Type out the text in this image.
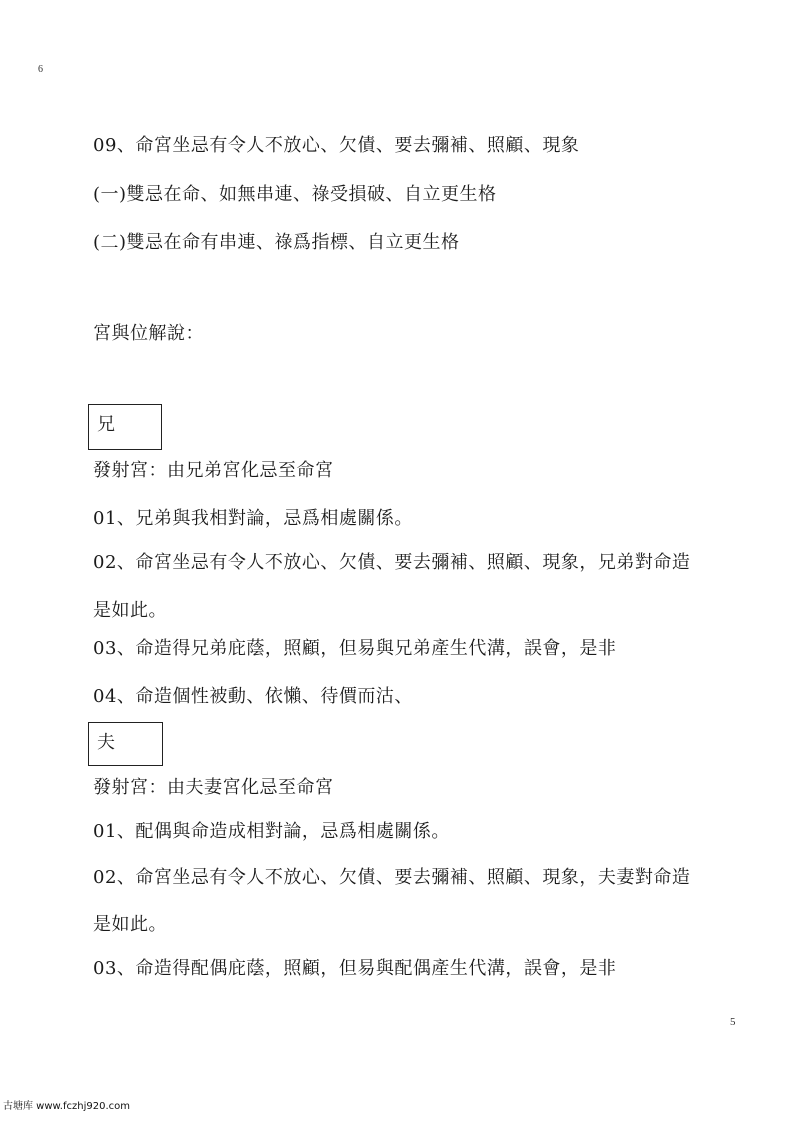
6
09、命宮坐忌有令人不放心、欠債、要去彌補、照顧、現象
(一)雙忌在命、如無串連、祿受損破、自立更生格
(二)雙忌在命有串連、祿爲指標、自立更生格
宮與位解說：
兄
發射宮：由兄弟宮化忌至命宮
01、兄弟與我相對論，忌爲相處關係。
02、命宮坐忌有令人不放心、欠債、要去彌補、照顧、現象，兄弟對命造
是如此。
03、命造得兄弟庇蔭，照顧，但易與兄弟產生代溝，誤會，是非
04、命造個性被動、依懶、待價而沽、
夫
發射宮：由夫妻宮化忌至命宮
01、配偶與命造成相對論，忌爲相處關係。
02、命宮坐忌有令人不放心、欠債、要去彌補、照顧、現象，夫妻對命造
是如此。
03、命造得配偶庇蔭，照顧，但易與配偶產生代溝，誤會，是非
5
古塘库 www.fczhj920.com
